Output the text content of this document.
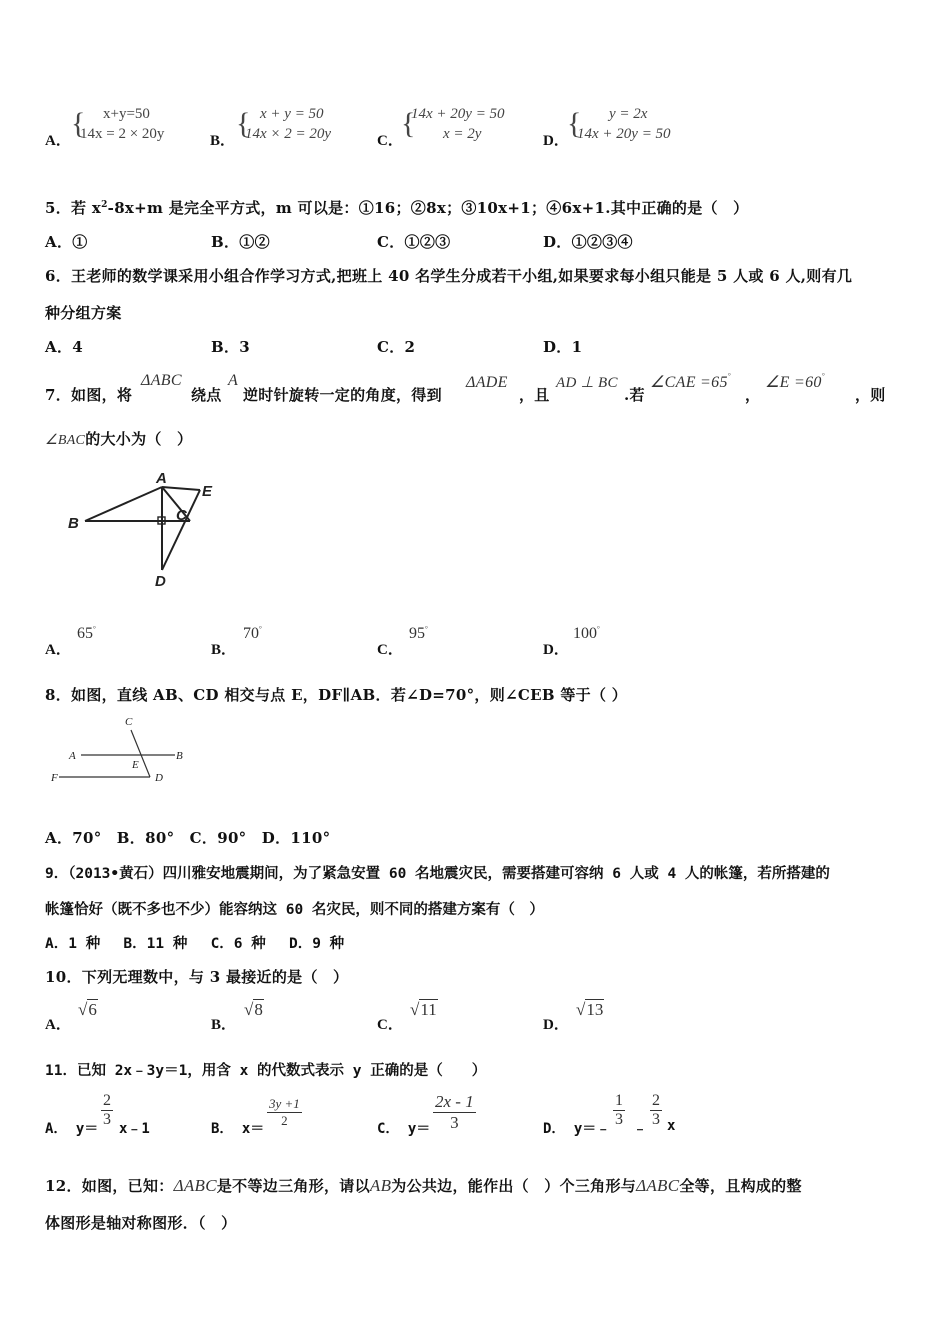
A．
{ x+y=50
14x = 2 × 20y	B．
{ x + y = 50
14x × 2 = 20y	C．
{
14x + 20y = 50
x = 2y	D．
{ y = 2x
14x + 20y = 50
5．若 $x^2-8x+m$ 是完全平方式，m 可以是：①16；②8x；③10x+1；④6x+1.其中正确的是（　）
A．①	B．①②	C．①②③	D．①②③④
6．王老师的数学课采用小组合作学习方式,把班上 40 名学生分成若干小组,如果要求每小组只能是 5 人或 6 人,则有几
种分组方案
A．4	B．3	C．2	D．1
7．如图，将
ΔABC
绕点
A
逆时针旋转一定的角度，得到
ΔADE
，且
AD ⊥ BC
.若
∠CAE =65°
，
∠E =60°
，则
∠BAC的大小为（　）
A
B	C
D
E
A．
65°
B．
70°
C．
95°
D．
100°
8．如图，直线 AB、CD 相交与点 E，DF∥AB．若∠D=70°，则∠CEB 等于（ ）
A	B
C
D
E
F
A．70°　B．80°　C．90°　D．110°
9．（2013•黄石）四川雅安地震期间，为了紧急安置 60 名地震灾民，需要搭建可容纳 6 人或 4 人的帐篷，若所搭建的
帐篷恰好（既不多也不少）能容纳这 60 名灾民，则不同的搭建方案有（　）
A．1 种　 B．11 种　 C．6 种　 D．9 种
10．下列无理数中，与 3 最接近的是（　）
A．
√6
B．
√8
C．
√11
D．
√13
11．已知 2x﹣3y＝1，用含 x 的代数式表示 y 正确的是（　　）
A． $y= \frac{2}{3}$ x﹣1	B． $x= \frac{3y +1}{2}$	C． $y= \frac{2x - 1}{3}$	D． y＝﹣ $\frac{1}{3}$ ﹣ $\frac{2}{3}$ x
12．如图，已知：ΔABC是不等边三角形，请以AB为公共边，能作出（　）个三角形与ΔABC全等，且构成的整
体图形是轴对称图形．（　）
